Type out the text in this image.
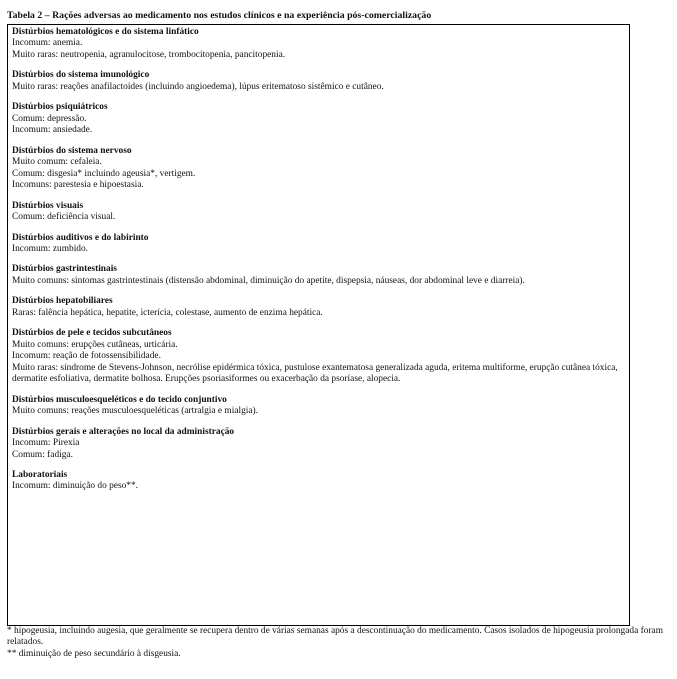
Tabela 2 – Rações adversas ao medicamento nos estudos clínicos e na experiência pós-comercialização
Distúrbios hematológicos e do sistema linfático
Incomum: anemia.
Muito raras: neutropenia, agranulocitose, trombocitopenia, pancitopenia.
Distúrbios do sistema imunológico
Muito raras: reações anafilactoides (incluindo angioedema), lúpus eritematoso sistêmico e cutâneo.
Distúrbios psiquiátricos
Comum: depressão.
Incomum: ansiedade.
Distúrbios do sistema nervoso
Muito comum: cefaleia.
Comum: disgesia* incluindo ageusia*, vertigem.
Incomuns: parestesia e hipoestasia.
Distúrbios visuais
Comum: deficiência visual.
Distúrbios auditivos e do labirinto
Incomum: zumbido.
Distúrbios gastrintestinais
Muito comuns: sintomas gastrintestinais (distensão abdominal, diminuição do apetite, dispepsia, náuseas, dor abdominal leve e diarreia).
Distúrbios hepatobiliares
Raras: falência hepática, hepatite, icterícia, colestase, aumento de enzima hepática.
Distúrbios de pele e tecidos subcutâneos
Muito comuns: erupções cutâneas, urticária.
Incomum: reação de fotossensibilidade.
Muito raras: síndrome de Stevens-Johnson, necrólise epidérmica tóxica, pustulose exantematosa generalizada aguda, eritema multiforme, erupção cutânea tóxica, dermatite esfoliativa, dermatite bolhosa. Erupções psoriasiformes ou exacerbação da psoríase, alopecia.
Distúrbios musculoesqueléticos e do tecido conjuntivo
Muito comuns: reações musculoesqueléticas (artralgia e mialgia).
Distúrbios gerais e alterações no local da administração
Incomum: Pirexia
Comum: fadiga.
Laboratoriais
Incomum: diminuição do peso**.
* hipogeusia, incluindo augesia, que geralmente se recupera dentro de várias semanas após a descontinuação do medicamento. Casos isolados de hipogeusia prolongada foram relatados.
** diminuição de peso secundário à disgeusia.
